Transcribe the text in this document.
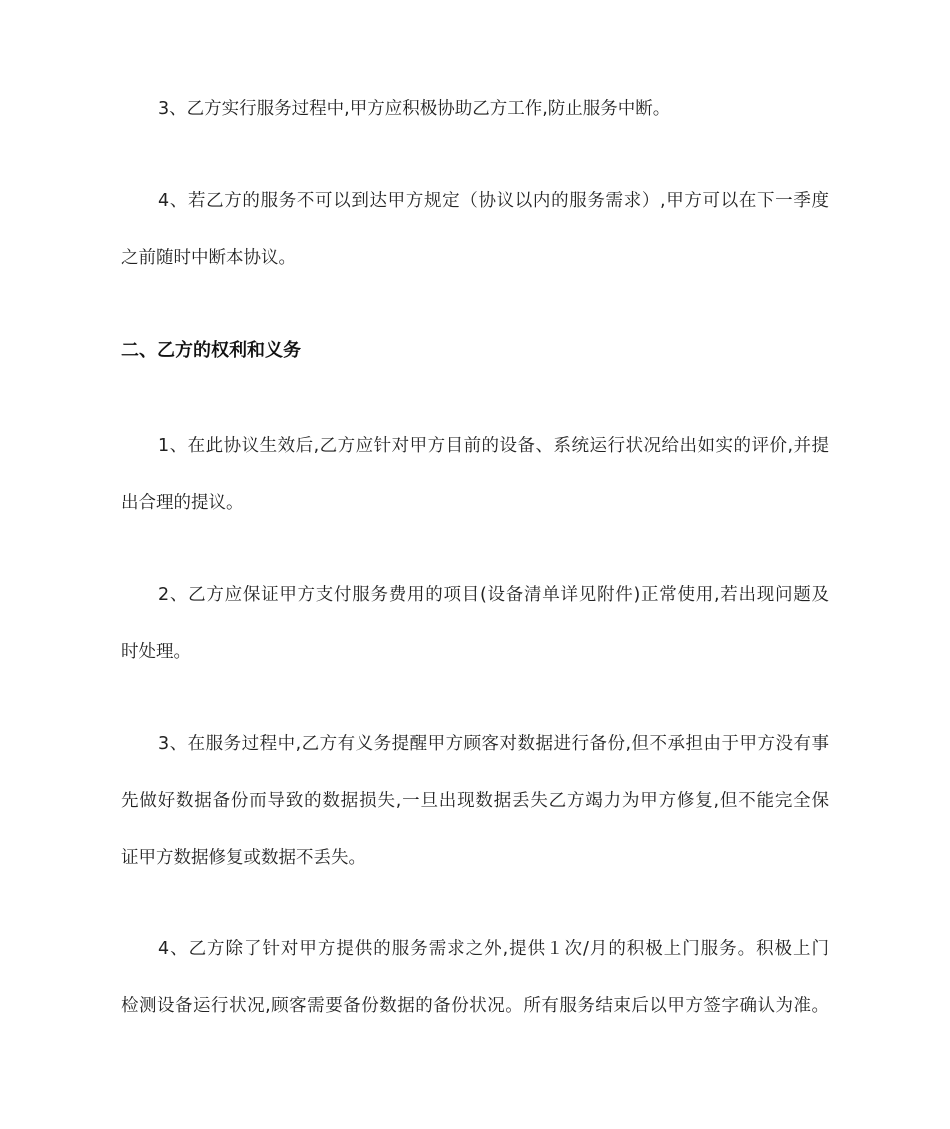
3、乙方实行服务过程中,甲方应积极协助乙方工作,防止服务中断。
4、若乙方的服务不可以到达甲方规定（协议以内的服务需求）,甲方可以在下一季度
之前随时中断本协议。
二、乙方的权利和义务
1、在此协议生效后,乙方应针对甲方目前的设备、系统运行状况给出如实的评价,并提
出合理的提议。
2、乙方应保证甲方支付服务费用的项目(设备清单详见附件)正常使用,若出现问题及
时处理。
3、在服务过程中,乙方有义务提醒甲方顾客对数据进行备份,但不承担由于甲方没有事
先做好数据备份而导致的数据损失,一旦出现数据丢失乙方竭力为甲方修复,但不能完全保
证甲方数据修复或数据不丢失。
4、乙方除了针对甲方提供的服务需求之外,提供１次/月的积极上门服务。积极上门
检测设备运行状况,顾客需要备份数据的备份状况。所有服务结束后以甲方签字确认为准。
